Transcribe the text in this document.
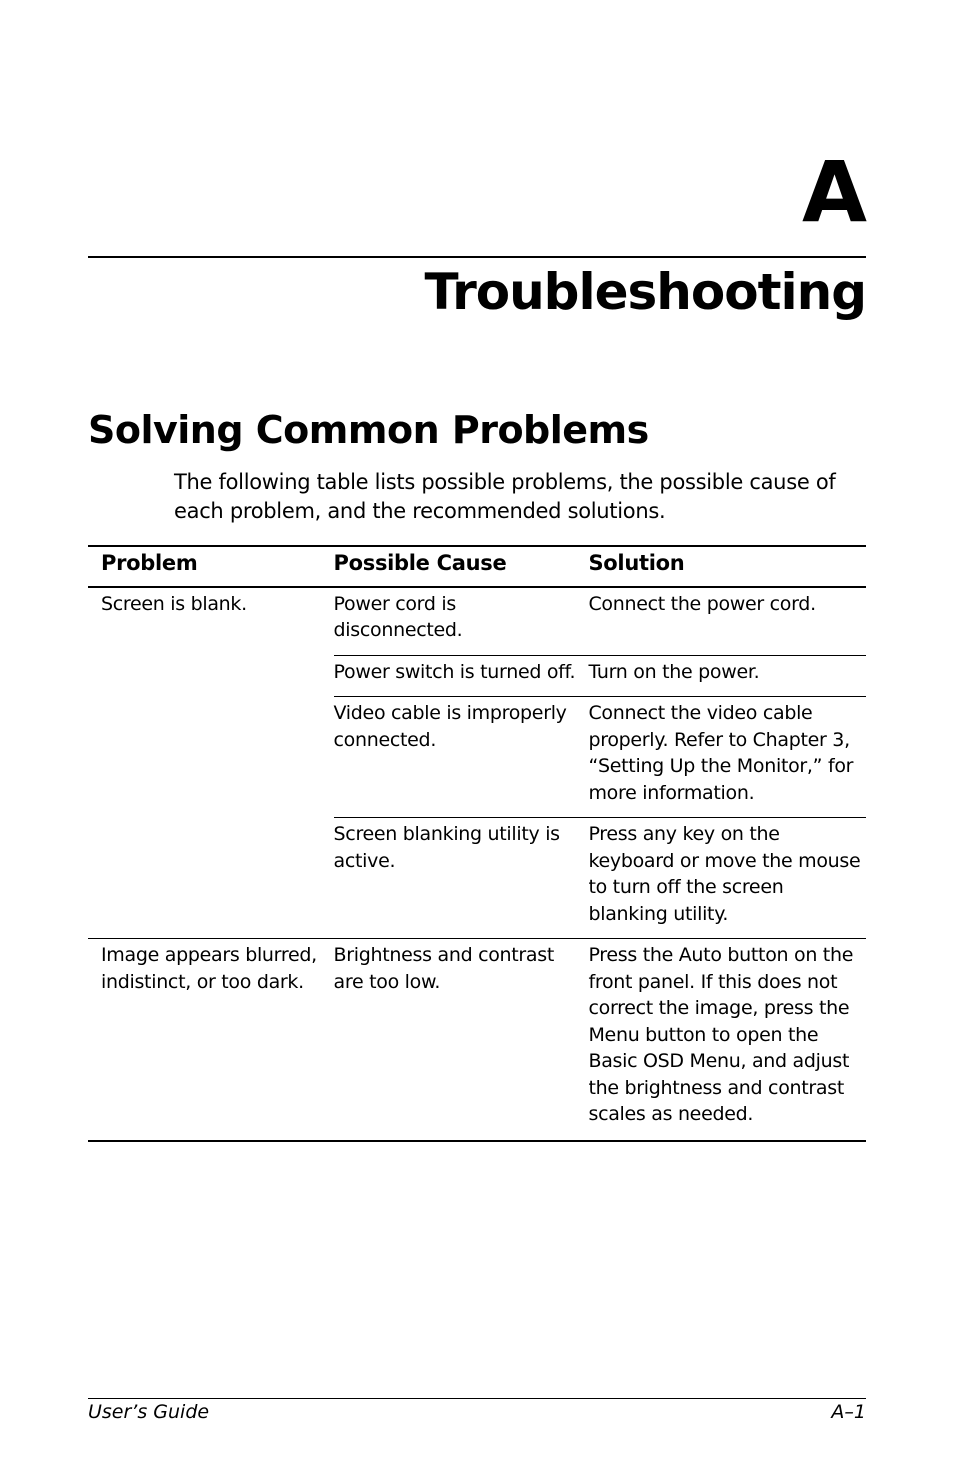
A
Troubleshooting
Solving Common Problems
The following table lists possible problems, the possible cause of each problem, and the recommended solutions.
Problem	Possible Cause	Solution
Screen is blank.	Power cord is disconnected.	Connect the power cord.
	Power switch is turned off.	Turn on the power.
	Video cable is improperly connected.	Connect the video cable properly. Refer to Chapter 3, “Setting Up the Monitor,” for more information.
	Screen blanking utility is active.	Press any key on the keyboard or move the mouse to turn off the screen blanking utility.
Image appears blurred, indistinct, or too dark.	Brightness and contrast are too low.	Press the Auto button on the front panel. If this does not correct the image, press the Menu button to open the Basic OSD Menu, and adjust the brightness and contrast scales as needed.
User’s Guide	A–1
